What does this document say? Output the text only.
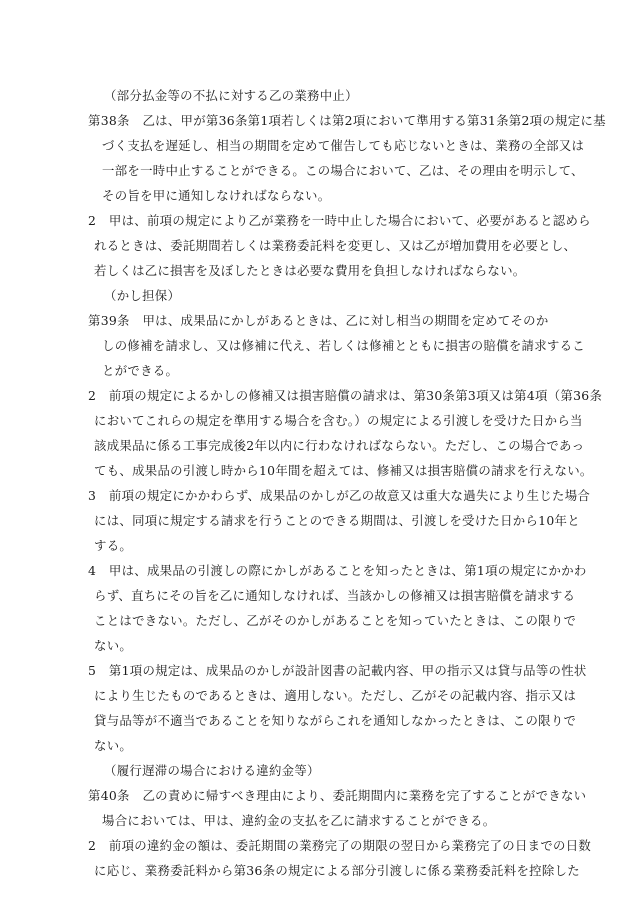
（部分払金等の不払に対する乙の業務中止）
第38条　乙は、甲が第36条第1項若しくは第2項において準用する第31条第2項の規定に基
づく支払を遅延し、相当の期間を定めて催告しても応じないときは、業務の全部又は
一部を一時中止することができる。この場合において、乙は、その理由を明示して、
その旨を甲に通知しなければならない。
2　甲は、前項の規定により乙が業務を一時中止した場合において、必要があると認めら
れるときは、委託期間若しくは業務委託料を変更し、又は乙が増加費用を必要とし、
若しくは乙に損害を及ぼしたときは必要な費用を負担しなければならない。
（かし担保）
第39条　甲は、成果品にかしがあるときは、乙に対し相当の期間を定めてそのか
しの修補を請求し、又は修補に代え、若しくは修補とともに損害の賠償を請求するこ
とができる。
2　前項の規定によるかしの修補又は損害賠償の請求は、第30条第3項又は第4項（第36条
においてこれらの規定を準用する場合を含む。）の規定による引渡しを受けた日から当
該成果品に係る工事完成後2年以内に行わなければならない。ただし、この場合であっ
ても、成果品の引渡し時から10年間を超えては、修補又は損害賠償の請求を行えない。
3　前項の規定にかかわらず、成果品のかしが乙の故意又は重大な過失により生じた場合
には、同項に規定する請求を行うことのできる期間は、引渡しを受けた日から10年と
する。
4　甲は、成果品の引渡しの際にかしがあることを知ったときは、第1項の規定にかかわ
らず、直ちにその旨を乙に通知しなければ、当該かしの修補又は損害賠償を請求する
ことはできない。ただし、乙がそのかしがあることを知っていたときは、この限りで
ない。
5　第1項の規定は、成果品のかしが設計図書の記載内容、甲の指示又は貸与品等の性状
により生じたものであるときは、適用しない。ただし、乙がその記載内容、指示又は
貸与品等が不適当であることを知りながらこれを通知しなかったときは、この限りで
ない。
（履行遅滞の場合における違約金等）
第40条　乙の責めに帰すべき理由により、委託期間内に業務を完了することができない
場合においては、甲は、違約金の支払を乙に請求することができる。
2　前項の違約金の額は、委託期間の業務完了の期限の翌日から業務完了の日までの日数
に応じ、業務委託料から第36条の規定による部分引渡しに係る業務委託料を控除した
